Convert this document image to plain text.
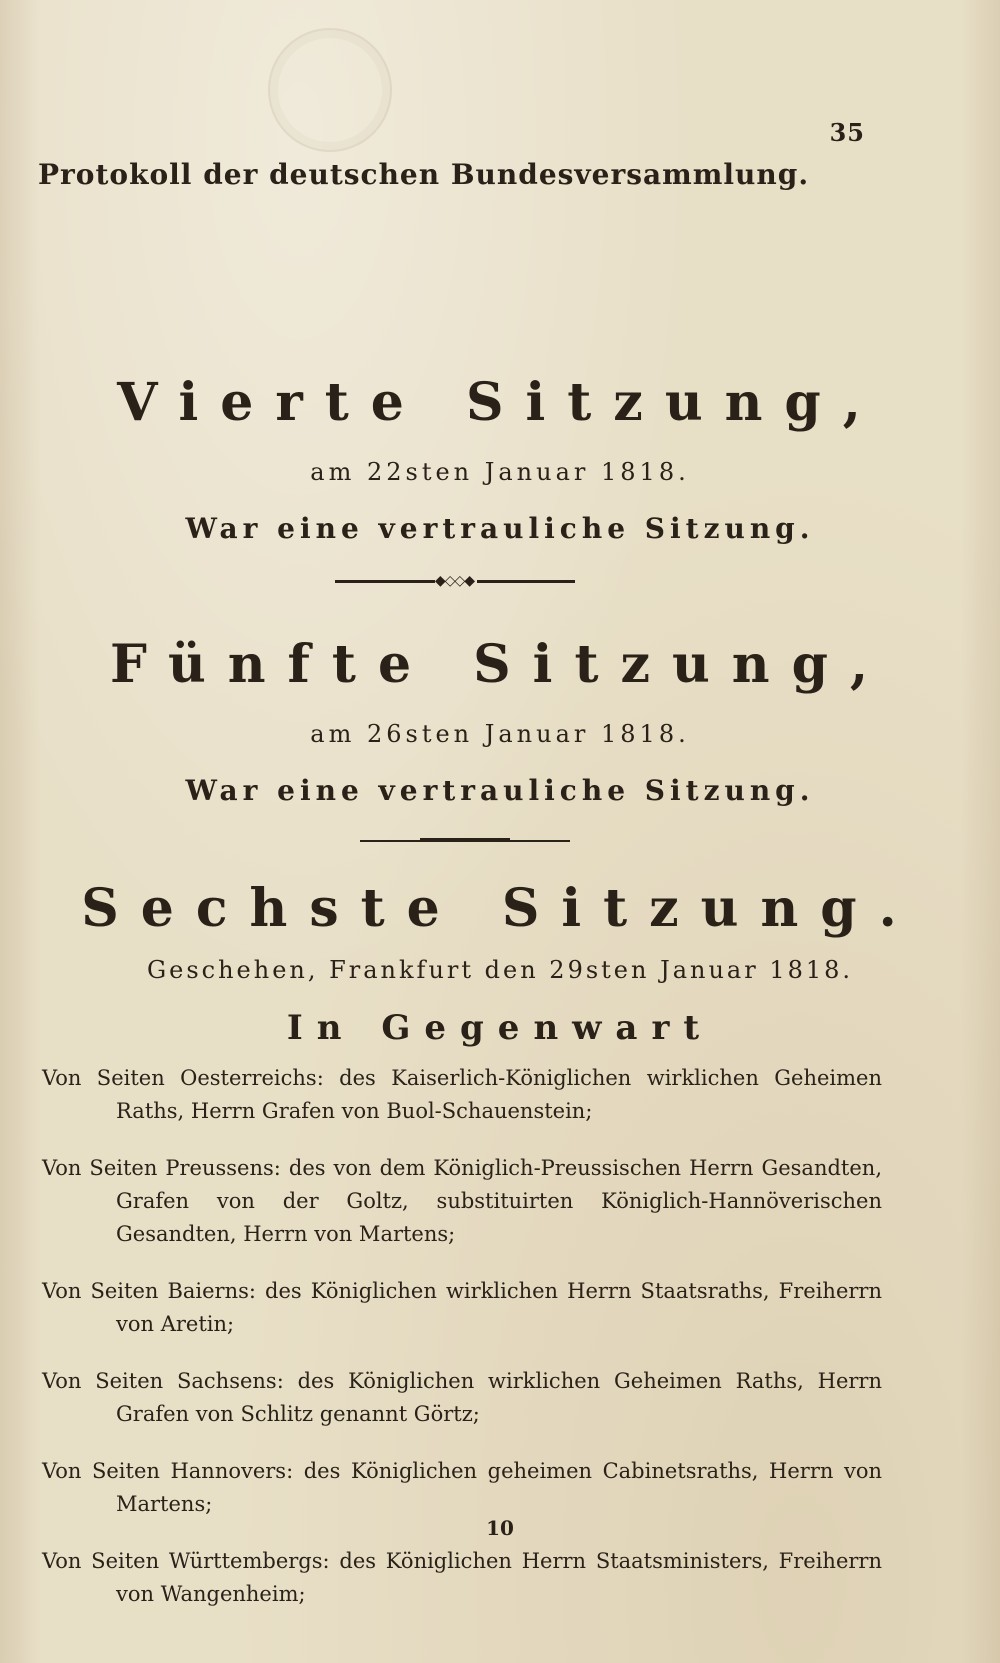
35
Protokoll der deutschen Bundesversammlung.
Vierte Sitzung,
am 22sten Januar 1818.
War eine vertrauliche Sitzung.
◆◇◇◆
Fünfte Sitzung,
am 26sten Januar 1818.
War eine vertrauliche Sitzung.
Sechste Sitzung.
Geschehen, Frankfurt den 29sten Januar 1818.
In Gegenwart
Von Seiten Oesterreichs: des Kaiserlich-Königlichen wirklichen Geheimen Raths, Herrn Grafen von Buol-Schauenstein;
Von Seiten Preussens: des von dem Königlich-Preussischen Herrn Gesandten, Grafen von der Goltz, substituirten Königlich-Hannöverischen Gesandten, Herrn von Martens;
Von Seiten Baierns: des Königlichen wirklichen Herrn Staatsraths, Freiherrn von Aretin;
Von Seiten Sachsens: des Königlichen wirklichen Geheimen Raths, Herrn Grafen von Schlitz genannt Görtz;
Von Seiten Hannovers: des Königlichen geheimen Cabinetsraths, Herrn von Martens;
Von Seiten Württembergs: des Königlichen Herrn Staatsministers, Freiherrn von Wangenheim;
10
